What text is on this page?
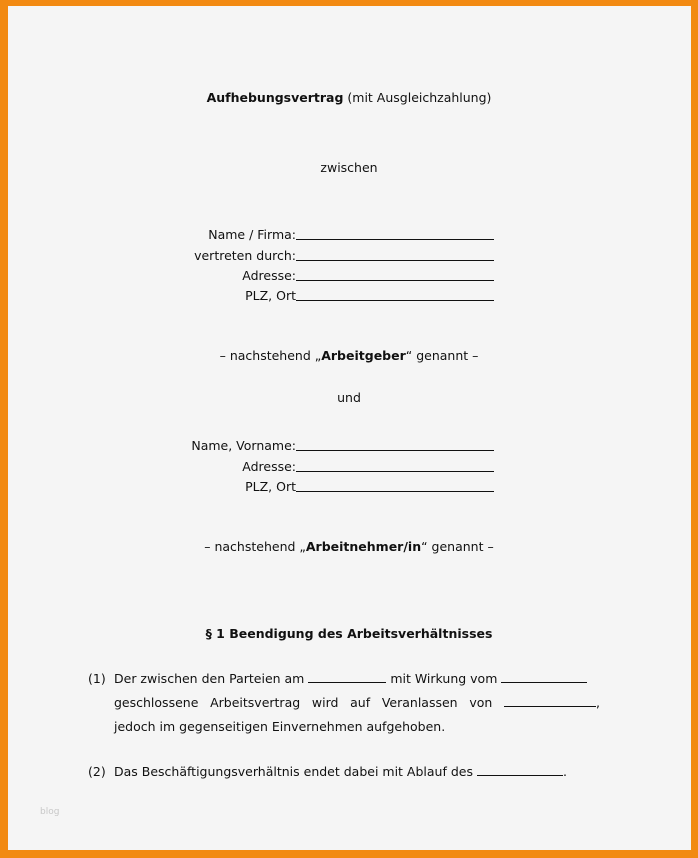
Aufhebungsvertrag (mit Ausgleichzahlung)
zwischen
Name / Firma:
vertreten durch:
Adresse:
PLZ, Ort
– nachstehend „Arbeitgeber“ genannt –
und
Name, Vorname:
Adresse:
PLZ, Ort
– nachstehend „Arbeitnehmer/in“ genannt –
§ 1 Beendigung des Arbeitsverhältnisses
(1) Der zwischen den Parteien am	mit Wirkung vom
geschlossene Arbeitsvertrag wird auf Veranlassen von	,
jedoch im gegenseitigen Einvernehmen aufgehoben.
(2) Das Beschäftigungsverhältnis endet dabei mit Ablauf des	.
blog
